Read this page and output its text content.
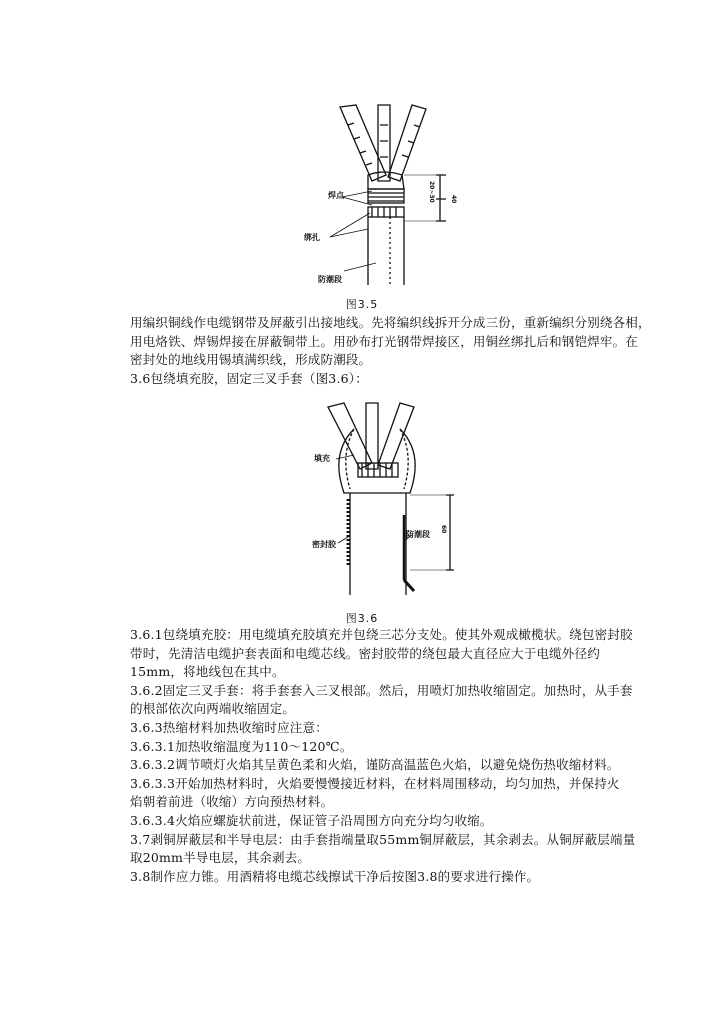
焊点
绑扎
防潮段
20~30	40
图3.5
用编织铜线作电缆钢带及屏蔽引出接地线。先将编织线拆开分成三份，重新编织分别绕各相，
用电烙铁、焊锡焊接在屏蔽铜带上。用砂布打光钢带焊接区，用铜丝绑扎后和钢铠焊牢。在
密封处的地线用锡填满织线，形成防潮段。
3.6包绕填充胶，固定三叉手套（图3.6）：
填充
密封胶
防潮段
60
图3.6
3.6.1包绕填充胶：用电缆填充胶填充并包绕三芯分支处。使其外观成橄榄状。绕包密封胶
带时，先清洁电缆护套表面和电缆芯线。密封胶带的绕包最大直径应大于电缆外径约
15mm，将地线包在其中。
3.6.2固定三叉手套：将手套套入三叉根部。然后，用喷灯加热收缩固定。加热时，从手套
的根部依次向两端收缩固定。
3.6.3热缩材料加热收缩时应注意：
3.6.3.1加热收缩温度为110～120℃。
3.6.3.2调节喷灯火焰其呈黄色柔和火焰，谨防高温蓝色火焰，以避免烧伤热收缩材料。
3.6.3.3开始加热材料时，火焰要慢慢接近材料，在材料周围移动，均匀加热，并保持火
焰朝着前进（收缩）方向预热材料。
3.6.3.4火焰应螺旋状前进，保证管子沿周围方向充分均匀收缩。
3.7剥铜屏蔽层和半导电层：由手套指端量取55mm铜屏蔽层，其余剥去。从铜屏蔽层端量
取20mm半导电层，其余剥去。
3.8制作应力锥。用酒精将电缆芯线擦试干净后按图3.8的要求进行操作。
